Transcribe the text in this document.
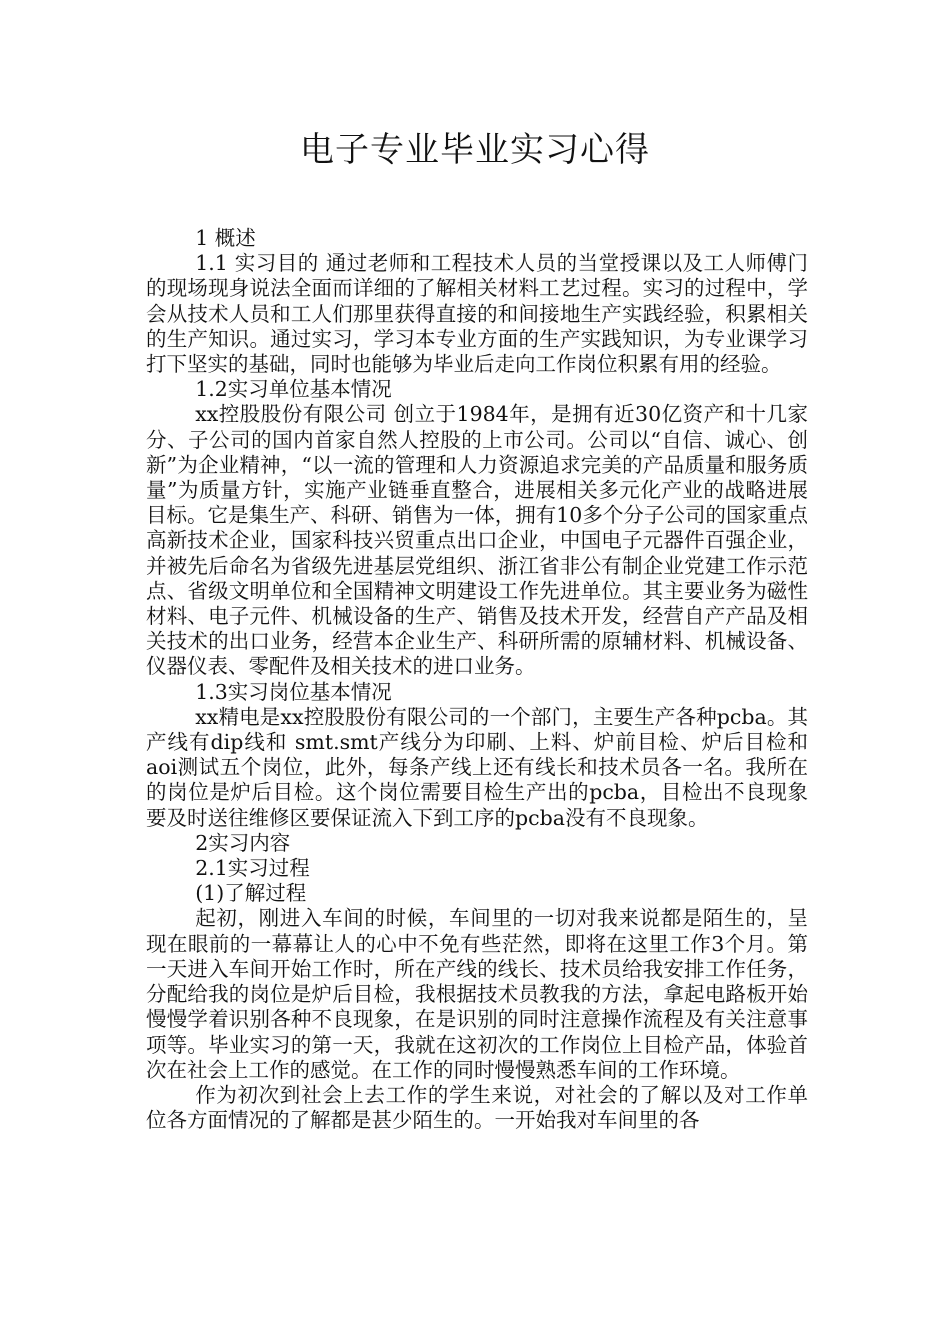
电子专业毕业实习心得

1 概述

1.1 实习目的 通过老师和工程技术人员的当堂授课以及工人师傅门的现场现身说法全面而详细的了解相关材料工艺过程。实习的过程中，学会从技术人员和工人们那里获得直接的和间接地生产实践经验，积累相关的生产知识。通过实习，学习本专业方面的生产实践知识，为专业课学习打下坚实的基础，同时也能够为毕业后走向工作岗位积累有用的经验。

1.2实习单位基本情况

xx控股股份有限公司 创立于1984年，是拥有近30亿资产和十几家分、子公司的国内首家自然人控股的上市公司。公司以“自信、诚心、创新”为企业精神，“以一流的管理和人力资源追求完美的产品质量和服务质量”为质量方针，实施产业链垂直整合，进展相关多元化产业的战略进展目标。它是集生产、科研、销售为一体，拥有10多个分子公司的国家重点高新技术企业，国家科技兴贸重点出口企业，中国电子元器件百强企业， 并被先后命名为省级先进基层党组织、浙江省非公有制企业党建工作示范点、省级文明单位和全国精神文明建设工作先进单位。其主要业务为磁性材料、电子元件、机械设备的生产、销售及技术开发，经营自产产品及相关技术的出口业务，经营本企业生产、科研所需的原辅材料、机械设备、仪器仪表、零配件及相关技术的进口业务。

1.3实习岗位基本情况

xx精电是xx控股股份有限公司的一个部门，主要生产各种pcba。其产线有dip线和 smt.smt产线分为印刷、上料、炉前目检、炉后目检和aoi测试五个岗位，此外，每条产线上还有线长和技术员各一名。我所在的岗位是炉后目检。这个岗位需要目检生产出的pcba，目检出不良现象要及时送往维修区要保证流入下到工序的pcba没有不良现象。

2实习内容

2.1实习过程

(1)了解过程

起初，刚进入车间的时候，车间里的一切对我来说都是陌生的，呈现在眼前的一幕幕让人的心中不免有些茫然，即将在这里工作3个月。第一天进入车间开始工作时，所在产线的线长、技术员给我安排工作任务，分配给我的岗位是炉后目检，我根据技术员教我的方法，拿起电路板开始慢慢学着识别各种不良现象，在是识别的同时注意操作流程及有关注意事项等。毕业实习的第一天，我就在这初次的工作岗位上目检产品，体验首次在社会上工作的感觉。在工作的同时慢慢熟悉车间的工作环境。

作为初次到社会上去工作的学生来说，对社会的了解以及对工作单位各方面情况的了解都是甚少陌生的。一开始我对车间里的各
